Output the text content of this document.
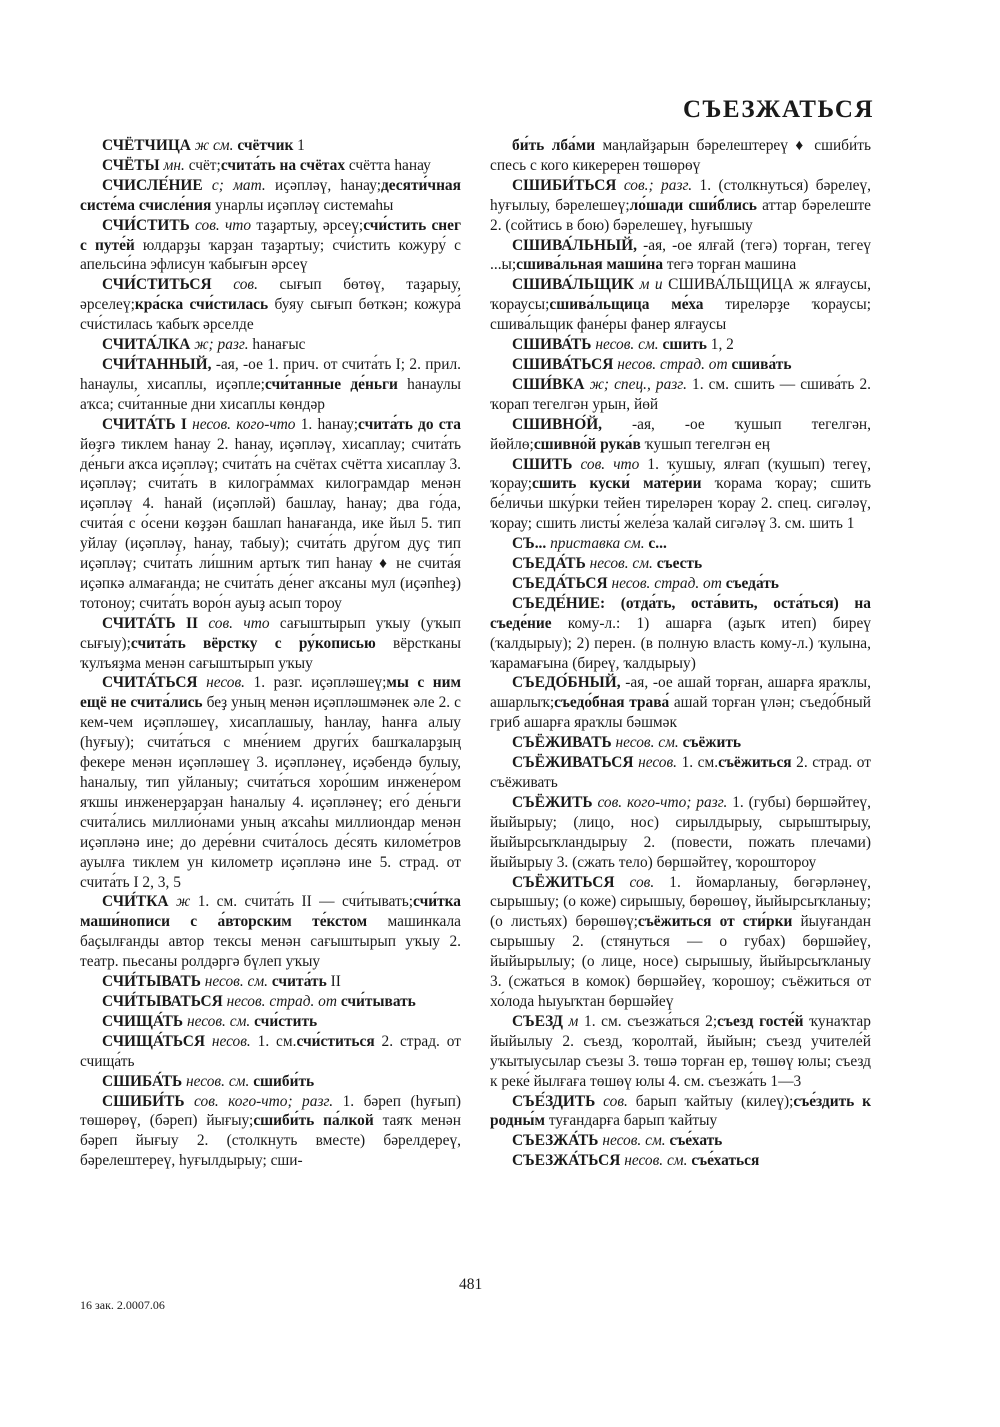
СЪЕЗЖАТЬСЯ

СЧЁТЧИЦА ж см. счётчик 1

СЧЁТЫ мн. счёт;счита́ть на счётах счётта һанау

СЧИСЛЕ́НИЕ с; мат. иҫәпләү, һанау;десяти́чная систе́ма счисле́ния унарлы иҫәпләү системаһы

СЧИ́СТИТЬ сов. что таҙартыу, әрсеү;счи́стить снег с путе́й юлдарҙы ҡарҙан таҙартыу; счи́стить кожуру́ с апельси́на эфлисун ҡабығын әрсеү

СЧИ́СТИТЬСЯ сов. сығып бөтөү, таҙарыу, әрселеү;кра́ска счи́стилась буяу сығып бөткән; кожура́ счи́стилась ҡабыҡ әрселде

СЧИТА́ЛКА ж; разг. һанағыс

СЧИ́ТАННЫЙ, -ая, -ое 1. прич. от счита́ть I; 2. прил. һанаулы, хисаплы, иҫәпле;счи́танные де́ньги һанаулы аҡса; счи́танные дни хисаплы көндәр

СЧИТА́ТЬ I несов. кого-что 1. һанау;счита́ть до ста йөҙгә тиклем һанау 2. һанау, иҫәпләү, хисаплау; счита́ть де́ньги аҡса иҫәпләү; счита́ть на счётах счётта хисаплау 3. иҫәпләү; счита́ть в килогра́ммах килограмдар менән иҫәпләү 4. һанай (иҫәпләй) башлау, һанау; два го́да, счита́я с о́сени көҙҙән башлап һанағанда, ике йыл 5. тип уйлау (иҫәпләү, һанау, табыу); счита́ть дру́гом дуҫ тип иҫәпләү; счита́ть ли́шним артыҡ тип һанау ♦ не счита́я иҫәпкә алмағанда; не счита́ть де́нег аҡсаны мул (иҫәпһеҙ) тотоноу; счита́ть воро́н ауыҙ асып тороу

СЧИТА́ТЬ II сов. что сағыштырып уҡыу (уҡып сығыу);счита́ть вёрстку с ру́кописью вёрстканы ҡулъяҙма менән сағыштырып уҡыу

СЧИТА́ТЬСЯ несов. 1. разг. иҫәпләшеү;мы с ним ещё не счита́лись беҙ уның менән иҫәпләшмәнек әле 2. с кем-чем иҫәпләшеү, хисаплашыу, һанлау, һанға алыу (һуғыу); счита́ться с мне́нием други́х башҡаларҙың фекере менән иҫәпләшеү 3. иҫәпләнеү, иҫәбендә булыу, һаналыу, тип уйланыу; счита́ться хоро́шим инжене́ром яҡшы инженерҙарҙан һаналыу 4. иҫәпләнеү; его́ де́ньги счита́лись миллио́нами уның аҡсаһы миллиондар менән иҫәпләнә ине; до дере́вни счита́лось де́сять киломе́тров ауылға тиклем ун километр иҫәпләнә ине 5. страд. от счита́ть I 2, 3, 5

СЧИ́ТКА ж 1. см. счита́ть II — счи́тывать;счи́тка маши́нописи с а́вторским те́кстом машинкала баҫылғанды автор тексы менән сағыштырып уҡыу 2. театр. пьесаны ролдәргә бүлеп уҡыу

СЧИ́ТЫВАТЬ несов. см. счита́ть II

СЧИ́ТЫВАТЬСЯ несов. страд. от счи́тывать

СЧИЩА́ТЬ несов. см. счи́стить

СЧИЩА́ТЬСЯ несов. 1. см.счи́ститься 2. страд. от счища́ть

СШИБА́ТЬ несов. см. сшиби́ть

СШИБИ́ТЬ сов. кого-что; разг. 1. бәреп (һуғып) төшөрөү, (бәреп) йығыу;сшиби́ть па́лкой таяҡ менән бәреп йығыу 2. (столкнуть вместе) бәрелдереү, бәрелештереү, һуғылдырыу; сши-

би́ть лба́ми маңлайҙарын бәрелештереү ♦ сшиби́ть спесь с кого кикеререн төшөрөү

СШИБИ́ТЬСЯ сов.; разг. 1. (столкнуться) бәрелеү, һуғылыу, бәрелешеү;ло́шади сши́блись аттар бәрелеште 2. (сойтись в бою) бәрелешеү, һуғышыу

СШИВА́ЛЬНЫЙ, -ая, -ое ялғай (тегә) торған, тегеү ...ы;сшива́льная маши́на тегә торған машина

СШИВА́ЛЬЩИК м и СШИВА́ЛЬЩИЦА ж ялғаусы, ҡораусы;сшива́льщица ме́ха тиреләрҙе ҡораусы; сшива́льщик фане́ры фанер ялғаусы

СШИВА́ТЬ несов. см. сшить 1, 2

СШИВА́ТЬСЯ несов. страд. от сшива́ть

СШИ́ВКА ж; спец., разг. 1. см. сшить — сшива́ть 2. ҡорап тегелгән урын, йөй

СШИВНО́Й, -ая, -ое ҡушып тегелгән, йөйлө;сшивно́й рука́в ҡушып тегелгән еӊ

СШИТЬ сов. что 1. ҡушыу, ялғап (ҡушып) тегеү, ҡорау;сшить куски́ мате́рии ҡорама ҡорау; сшить бе́личьи шку́рки тейен тиреләрен ҡорау 2. спец. сигәләү, ҡорау; сшить листы́ желе́за ҡалай сигәләү 3. см. шить 1

СЪ... приставка см. с...

СЪЕДА́ТЬ несов. см. съесть

СЪЕДА́ТЬСЯ несов. страд. от съеда́ть

СЪЕДЕ́НИЕ: (отда́ть, оста́вить, оста́ться) на съеде́ние кому-л.: 1) ашарға (аҙыҡ итеп) биреү (ҡалдырыу); 2) перен. (в полную власть кому-л.) ҡулына, ҡарамағына (биреү, ҡалдырыу)

СЪЕДО́БНЫЙ, -ая, -ое ашай торған, ашарға яраҡлы, ашарлыҡ;съедо́бная трава́ ашай торған үлән; съедо́бный гриб ашарға яраҡлы бәшмәк

СЪЁЖИВАТЬ несов. см. съёжить

СЪЁЖИВАТЬСЯ несов. 1. см.съёжиться 2. страд. от съёживать

СЪЁЖИТЬ сов. кого-что; разг. 1. (губы) бөршәйтеү, йыйырыу; (лицо, нос) сирылдырыу, сырыштырыу, йыйырсыҡландырыу 2. (повести, пожать плечами) йыйырыу 3. (сжать тело) бөршәйтеү, ҡороштороу

СЪЁЖИТЬСЯ сов. 1. йомарланыу, бөгәрләнеү, сырышыу; (о коже) сирышыу, бөрөшөү, йыйырсыҡланыу; (о листьях) бөрөшөү;съёжиться от сти́рки йыуғандан сырышыу 2. (стянуться — о губах) бөршәйеү, йыйырылыу; (о лице, носе) сырышыу, йыйырсыҡланыу 3. (сжаться в комок) бөршәйеү, ҡорошоу; съёжиться от хо́лода һыуыҡтан бөршәйеү

СЪЕЗД м 1. см. съезжа́ться 2;съезд госте́й ҡунаҡтар йыйылыу 2. съезд, ҡоролтай, йыйын; съезд учителе́й уҡытыусылар съезы 3. төшә торған ер, төшөү юлы; съезд к реке́ йылғаға төшөү юлы 4. см. съезжа́ть 1—3

СЪЕ́ЗДИТЬ сов. барып ҡайтыу (килеү);съе́здить к родны́м туғандарға барып ҡайтыу

СЪЕЗЖА́ТЬ несов. см. съе́хать

СЪЕЗЖА́ТЬСЯ несов. см. съе́хаться

481
16 зак. 2.0007.06
